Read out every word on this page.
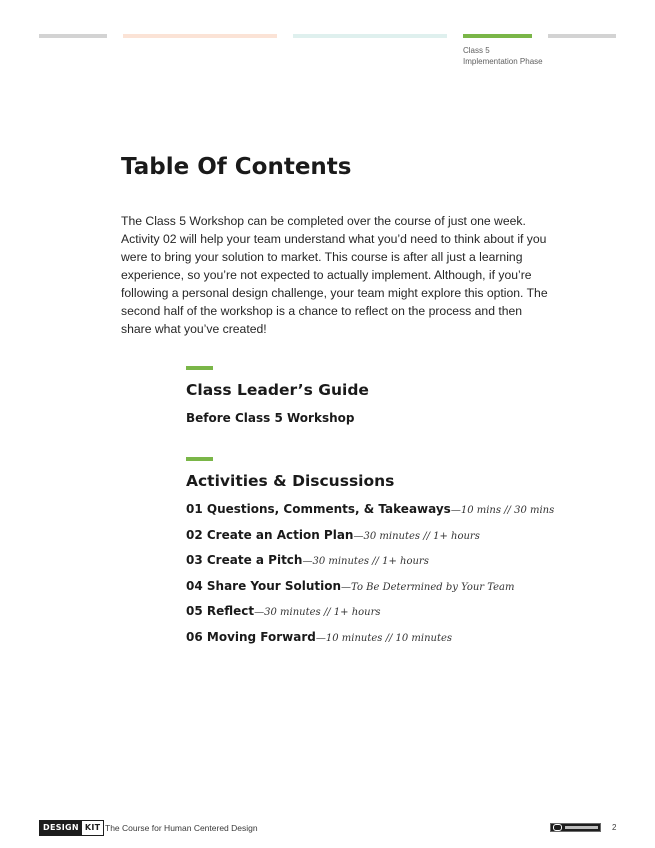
Class 5
Implementation Phase
Table Of Contents

The Class 5 Workshop can be completed over the course of just one week. Activity 02 will help your team understand what you’d need to think about if you were to bring your solution to market. This course is after all just a learning experience, so you’re not expected to actually implement. Although, if you’re following a personal design challenge, your team might explore this option. The second half of the workshop is a chance to reflect on the process and then share what you’ve created!

Class Leader’s Guide
Before Class 5 Workshop
Activities & Discussions
01 Questions, Comments, & Takeaways—10 mins // 30 mins
02 Create an Action Plan—30 minutes // 1+ hours
03 Create a Pitch—30 minutes // 1+ hours
04 Share Your Solution—To Be Determined by Your Team
05 Reflect—30 minutes // 1+ hours
06 Moving Forward—10 minutes // 10 minutes
DESIGN KIT The Course for Human Centered Design	2
